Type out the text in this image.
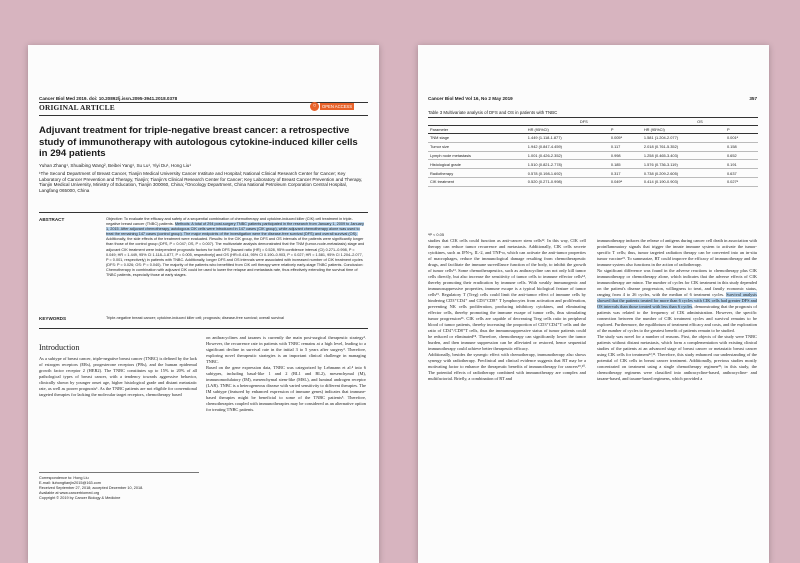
Cancer Biol Med 2019. doi: 10.20892/j.issn.2095-3941.2018.0378
ORIGINAL ARTICLE	○	OPEN ACCESS
Adjuvant treatment for triple-negative breast cancer: a retrospective study of immunotherapy with autologous cytokine-induced killer cells in 294 patients
Yuhan Zhang¹, Shuaibing Wang², Beibei Yang¹, Su Lu¹, Yiyi Du¹, Hong Liu¹
¹The Second Department of Breast Cancer, Tianjin Medical University Cancer Institute and Hospital; National Clinical Research Center for Cancer; Key Laboratory of Cancer Prevention and Therapy, Tianjin; Tianjin's Clinical Research Center for Cancer; Key Laboratory of Breast Cancer Prevention and Therapy, Tianjin Medical University, Ministry of Education, Tianjin 300060, China; ²Oncology Department, China National Petroleum Corporation Central Hospital, Langfang 065000, China
ABSTRACT	Objective: To evaluate the efficacy and safety of a sequential combination of chemotherapy and cytokine-induced killer (CIK) cell treatment in triple-negative breast cancer (TNBC) patients. Methods: A total of 294 post-surgery TNBC patients participated in the research from January 1, 2009 to January 1, 2015. After adjuvant chemotherapy, autologous CIK cells were introduced in 147 cases (CIK group), while adjuvant chemotherapy alone was used to treat the remaining 147 cases (control group). The major endpoints of the investigation were the disease-free survival (DFS) and overall survival (OS). Additionally, the side effects of the treatment were evaluated. Results: In the CIK group, the DFS and OS intervals of the patients were significantly longer than those of the control group (DFS, P = 0.047; OS, P = 0.007). The multivariate analysis demonstrated that the TNM (tumor-node-metastasis) stage and adjuvant CIK treatment were independent prognostic factors for both DFS [hazard ratio (HR) = 0.528, 95% confidence interval (CI) 0.271–0.998, P = 0.049; HR = 1.449, 95% CI 1.118–1.877, P = 0.005, respectively] and OS (HR=0.414, 95% CI 0.190–0.903, P = 0.027; HR = 1.581, 95% CI 1.204–2.077, P = 0.001, respectively) in patients with TNBC. Additionally, longer DFS and OS intervals were associated with increased number of CIK treatment cycles (DFS: P = 0.026; OS: P = 0.040). The majority of the patients who benefitted from CIK cell therapy were relatively early-stage TNBC patients. Conclusion: Chemotherapy in combination with adjuvant CIK could be used to lower the relapse and metastasis rate, thus effectively extending the survival time of TNBC patients, especially those at early stages.
KEYWORDS	Triple-negative breast cancer; cytokine-induced killer cell; prognosis; disease-free survival; overall survival
Introduction
As a subtype of breast cancer, triple-negative breast cancer (TNBC) is defined by the lack of estrogen receptors (ERs), progesterone receptors (PRs), and the human epidermal growth factor receptor 2 (HER2). The TNBC constitutes up to 15% to 20% of all pathological types of breast cancer, with a tendency towards aggressive behavior, clinically shown by younger onset age, higher histological grade and distant metastatic rate, as well as poorer prognosis¹. As the TNBC patients are not eligible for conventional targeted therapies for lacking the molecular target receptors, chemotherapy based
on anthracyclines and taxanes is currently the main post-surgical therapeutic strategy². However, the recurrence rate in patients with TNBC remains at a high level, leading to a significant decline in survival rate in the initial 3 to 5 years after surgery³. Therefore, exploring novel therapeutic strategies is an important clinical challenge in managing TNBC.
Based on the gene expression data, TNBC was categorized by Lehmann et al.⁴ into 6 subtypes, including basal-like 1 and 2 (BL1 and BL2), mesenchymal (M), immunomodulatory (IM), mesenchymal stem-like (MSL), and luminal androgen receptor (LAR). TNBC is a heterogeneous disease with varied sensitivity to different therapies. The IM subtype (featured by enhanced expression of immune genes) indicates that immune-based therapies might be beneficial to some of the TNBC patients⁵. Therefore, chemotherapies coupled with immunotherapies may be considered as an alternative option for treating TNBC patients.
Correspondence to: Hong Liu
E-mail: liuhongtianjin2015@163.com
Received September 27, 2018; accepted December 10, 2018.
Available at www.cancerbiomed.org
Copyright © 2019 by Cancer Biology & Medicine
Cancer Biol Med Vol 16, No 2 May 2019	357
Table 3 Multivariate analysis of DFS and OS in patients with TNBC
	DFS		OS	
Parameter	HR (95%CI)	P	HR (95%CI)	P
TNM stage	1.449 (1.118-1.877)	0.005ᵃ	1.581 (1.204-2.077)	0.001ᵃ
Tumor size	1.942 (0.847-4.459)	0.117	2.018 (0.761-5.352)	0.158
Lymph node metastasis	1.001 (0.426-2.352)	0.998	1.258 (0.465-3.403)	0.652
Histological grade	1.510 (0.821-2.778)	0.185	1.576 (0.736-3.119)	0.191
Radiotherapy	0.578 (0.198-1.692)	0.317	0.738 (0.209-2.605)	0.637
CIK treatment	0.520 (0.271-0.998)	0.049ᵃ	0.414 (0.190-0.903)	0.027ᵃ
ᵃP < 0.05
studies that CIK cells could function as anti-cancer stem cells¹². In this way, CIK cell therapy can reduce tumor recurrence and metastasis. Additionally, CIK cells secrete cytokines, such as IFN-γ, IL-2, and TNF-α, which can activate the anti-tumor properties of macrophages, reduce the immunological damage resulting from chemotherapeutic drugs, and facilitate the immune surveillance function of the body, to inhibit the growth of tumor cells¹³. Some chemotherapeutics, such as anthracycline can not only kill tumor cells directly, but also increase the sensitivity of tumor cells to immune effector cells¹⁴, thereby promoting their eradication by immune cells. With weakly immunogenic and immunosuppressive properties, immune escape is a typical biological feature of tumor cells¹⁵. Regulatory T (Treg) cells could limit the anti-tumor effect of immune cells by hindering CD3⁺CD4⁺ and CD3⁺CD8⁺ T lymphocytes from activation and proliferation, preventing NK cells proliferation, producing inhibitory cytokines, and eliminating effector cells, thereby promoting the immune escape of tumor cells, thus stimulating tumor progression¹⁶. CIK cells are capable of decreasing Treg cells ratio in peripheral blood of tumor patients, thereby increasing the proportion of CD3⁺CD4⁺T cells and the ratio of CD4⁺/CD8⁺T cells, thus the immunosuppressive status of tumor patients could be reduced or eliminated¹⁸. Therefore, chemotherapy can significantly lower the tumor burden, and then immune suppression can be alleviated or restored, hence sequential immunotherapy could achieve better therapeutic efficacy.
Additionally, besides the synergic effect with chemotherapy, immunotherapy also shows synergy with radiotherapy. Preclinical and clinical evidence suggests that RT may be a motivating factor to enhance the therapeutic benefits of immunotherapy for cancers¹⁹,²⁰. The potential effects of radiotherapy combined with immunotherapy are complex and multifactorial. Briefly, a combination of RT and
immunotherapy induces the release of antigens during cancer cell death in association with proinflammatory signals that trigger the innate immune system to activate the tumor-specific T cells; thus, tumor targeted radiation therapy can be converted into an in-situ tumor vaccine²¹. To summarize, RT could improve the efficacy of immunotherapy and the immune system also functions in the action of radiotherapy.
No significant difference was found in the adverse reactions to chemotherapy plus CIK immunotherapy or chemotherapy alone, which indicates that the adverse effects of CIK immunotherapy are minor. The number of cycles for CIK treatment in this study depended on the patient's disease progression, willingness to treat, and family economic status, ranging from 4 to 26 cycles, with the median of 6 treatment cycles. Survival analysis showed that the patients treated for more than 6 cycles with CIK cells had greater DFS and OS intervals than those treated with less than 6 cycles, demonstrating that the prognosis of patients was related to the frequency of CIK administration. However, the specific connection between the number of CIK treatment cycles and survival remains to be explored. Furthermore, the equilibrium of treatment efficacy and costs, and the exploration of the number of cycles to the greatest benefit of patients remain to be studied.
The study was novel for a number of reasons. First, the objects of the study were TNBC patients without distant metastasis, which form a complementation with existing clinical studies of the patients at an advanced stage of breast cancer or metastatic breast cancer using CIK cells for treatment¹²,²². Therefore, this study enhanced our understanding of the potential of CIK cells in breast cancer treatment. Additionally, previous studies mostly concentrated on treatment using a single chemotherapy regimen²³; in this study, the chemotherapy regimens were classified into anthracycline-based, anthracycline- and taxane-based, and taxane-based regimens, which provided a
